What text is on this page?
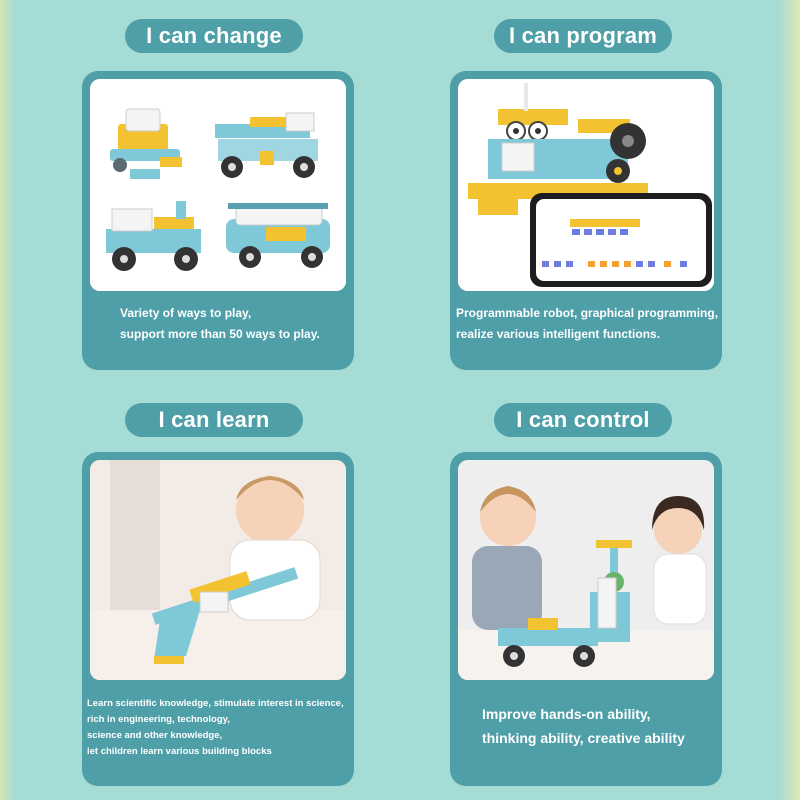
I can change
Variety of ways to play,
support more than 50 ways to play.
I can program
Programmable robot, graphical programming,
realize various intelligent functions.
I can learn
Learn scientific knowledge, stimulate interest in science,
rich in engineering, technology,
science and other knowledge,
let children learn various building blocks
I can control
Improve hands-on ability,
thinking ability, creative ability
